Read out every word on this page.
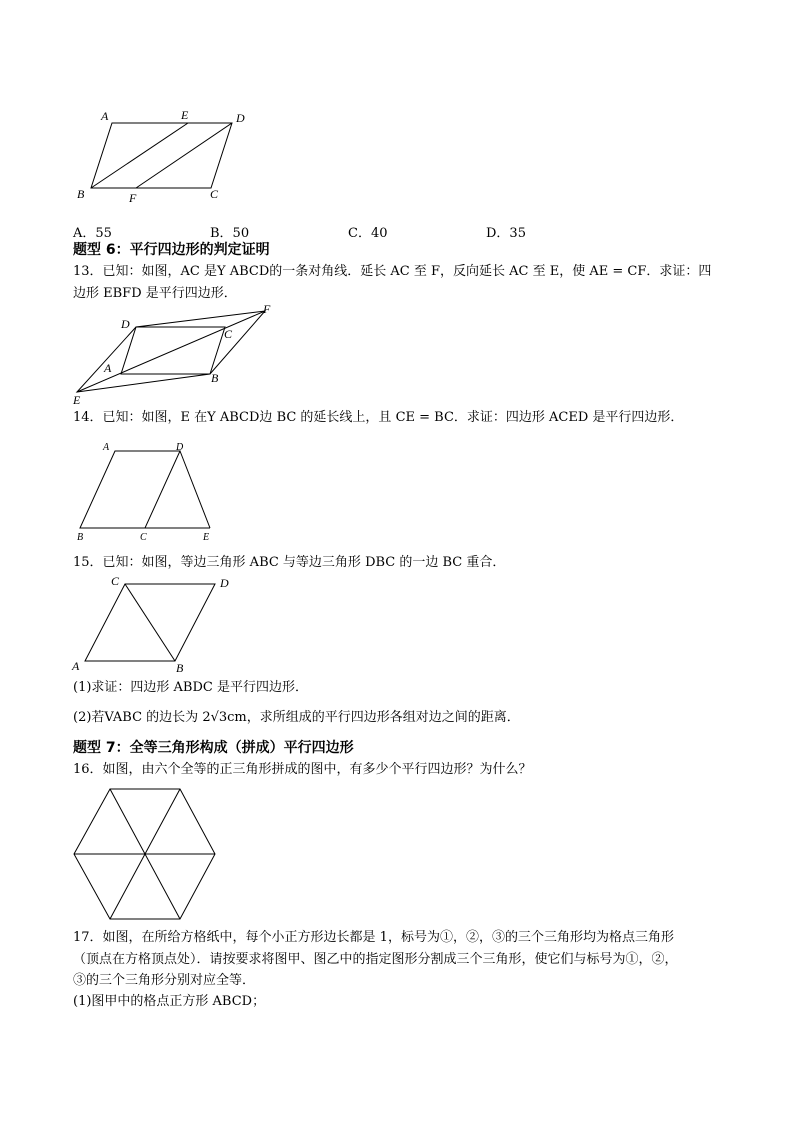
A	E	D
B	F	C
A．55	B．50	C．40	D．35
题型 6：平行四边形的判定证明
13．已知：如图，AC 是Y ABCD的一条对角线．延长 AC 至 F，反向延长 AC 至 E，使 AE = CF．求证：四
边形 EBFD 是平行四边形．
D
F
C
A
B
E
14．已知：如图，E 在Y ABCD边 BC 的延长线上，且 CE = BC．求证：四边形 ACED 是平行四边形．
A	D
B	C	E
15．已知：如图，等边三角形 ABC 与等边三角形 DBC 的一边 BC 重合．
C	D
A	B
(1)求证：四边形 ABDC 是平行四边形．
(2)若VABC 的边长为 2√3cm，求所组成的平行四边形各组对边之间的距离．
题型 7：全等三角形构成（拼成）平行四边形
16．如图，由六个全等的正三角形拼成的图中，有多少个平行四边形？为什么？
17．如图，在所给方格纸中，每个小正方形边长都是 1，标号为①，②，③的三个三角形均为格点三角形
（顶点在方格顶点处）．请按要求将图甲、图乙中的指定图形分割成三个三角形，使它们与标号为①，②，
③的三个三角形分别对应全等．
(1)图甲中的格点正方形 ABCD；
